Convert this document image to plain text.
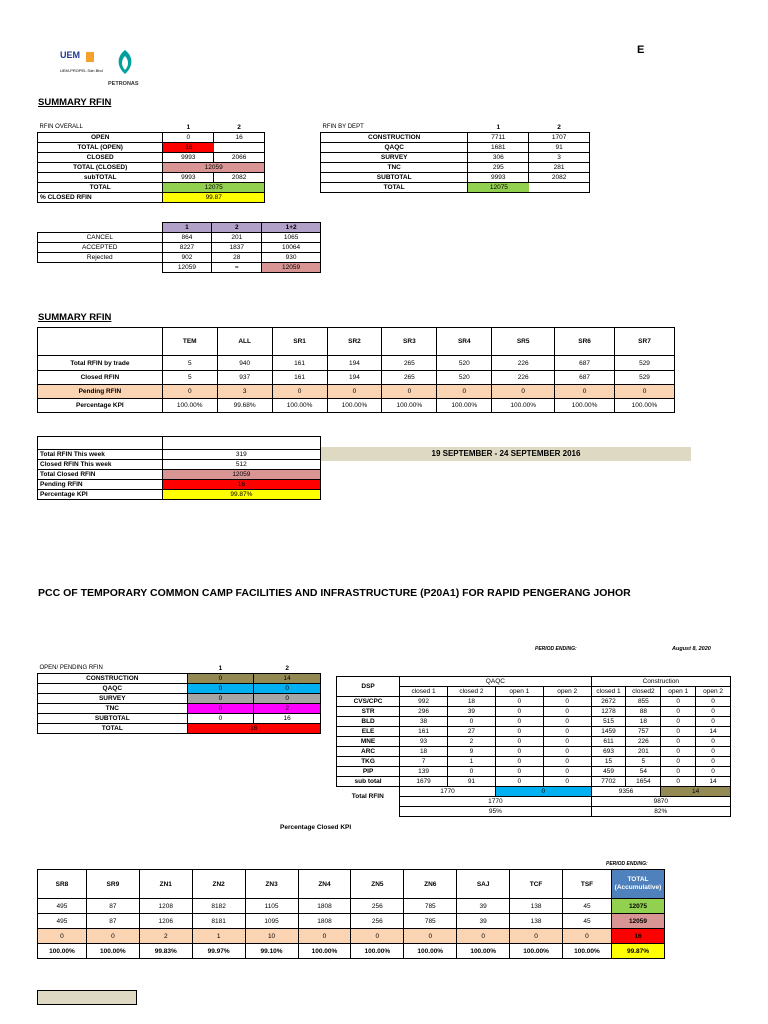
UEM
UEM-PROPEL Sdn Bhd
PETRONAS
E
SUMMARY RFIN
RFIN OVERALL	1	2
OPEN	0	16
TOTAL (OPEN)	16	

CLOSED	9993	2066
TOTAL (CLOSED)	12059	
subTOTAL	9993	2082
TOTAL	12075	
% CLOSED RFIN	99.87	
RFIN BY DEPT	1	2
CONSTRUCTION	7711	1707
QAQC	1681	91
SURVEY	306	3
TNC	295	281
SUBTOTAL	9993	2082
TOTAL	12075	
	1	2	1+2
CANCEL	864	201	1065
ACCEPTED	8227	1837	10064
Rejected	902	28	930
	12059	=	12059
SUMMARY RFIN
	TEM	ALL	SR1	SR2	SR3	SR4	SR5	SR6	SR7
Total RFIN by trade	5	940	161	194	265	520	226	687	529
Closed RFIN	5	937	161	194	265	520	226	687	529
Pending RFIN	0	3	0	0	0	0	0	0	0
Percentage KPI	100.00%	99.68%	100.00%	100.00%	100.00%	100.00%	100.00%	100.00%	100.00%

Total RFIN This week	319
Closed RFIN This week	512
Total Closed RFIN	12059
Pending RFIN	16
Percentage KPI	99.87%
19 SEPTEMBER - 24 SEPTEMBER 2016
PCC OF TEMPORARY COMMON CAMP FACILITIES AND INFRASTRUCTURE (P20A1) FOR RAPID PENGERANG JOHOR
PERIOD ENDING:	August 8, 2020
OPEN/ PENDING RFIN	1	2
CONSTRUCTION	0	14
QAQC	0	0
SURVEY	0	0
TNC	0	2
SUBTOTAL	0	16
TOTAL	16	
DSP	QAQC				Construction			
	closed 1	closed 2	open 1	open 2	closed 1	closed2	open 1	open 2
CVS/CPC	992	18	0	0	2672	855	0	0
STR	296	39	0	0	1278	88	0	0
BLD	38	0	0	0	515	18	0	0
ELE	161	27	0	0	1459	757	0	14
MNE	93	2	0	0	611	226	0	0
ARC	18	9	0	0	693	201	0	0
TKG	7	1	0	0	15	5	0	0
PIP	139	0	0	0	459	54	0	0
sub total	1679	91	0	0	7702	1654	0	14
Total RFIN	1770		0		9356		14	
	1770				9870			
	95%				82%			
Percentage Closed KPI
PERIOD ENDING:
SR8	SR9	ZN1	ZN2	ZN3	ZN4	ZN5	ZN6	SAJ	TCF	TSF	TOTAL (Accumulative)
495	87	1208	8182	1105	1808	256	785	39	138	45	12075
495	87	1206	8181	1095	1808	256	785	39	138	45	12059
0	0	2	1	10	0	0	0	0	0	0	16
100.00%	100.00%	99.83%	99.97%	99.10%	100.00%	100.00%	100.00%	100.00%	100.00%	100.00%	99.87%
